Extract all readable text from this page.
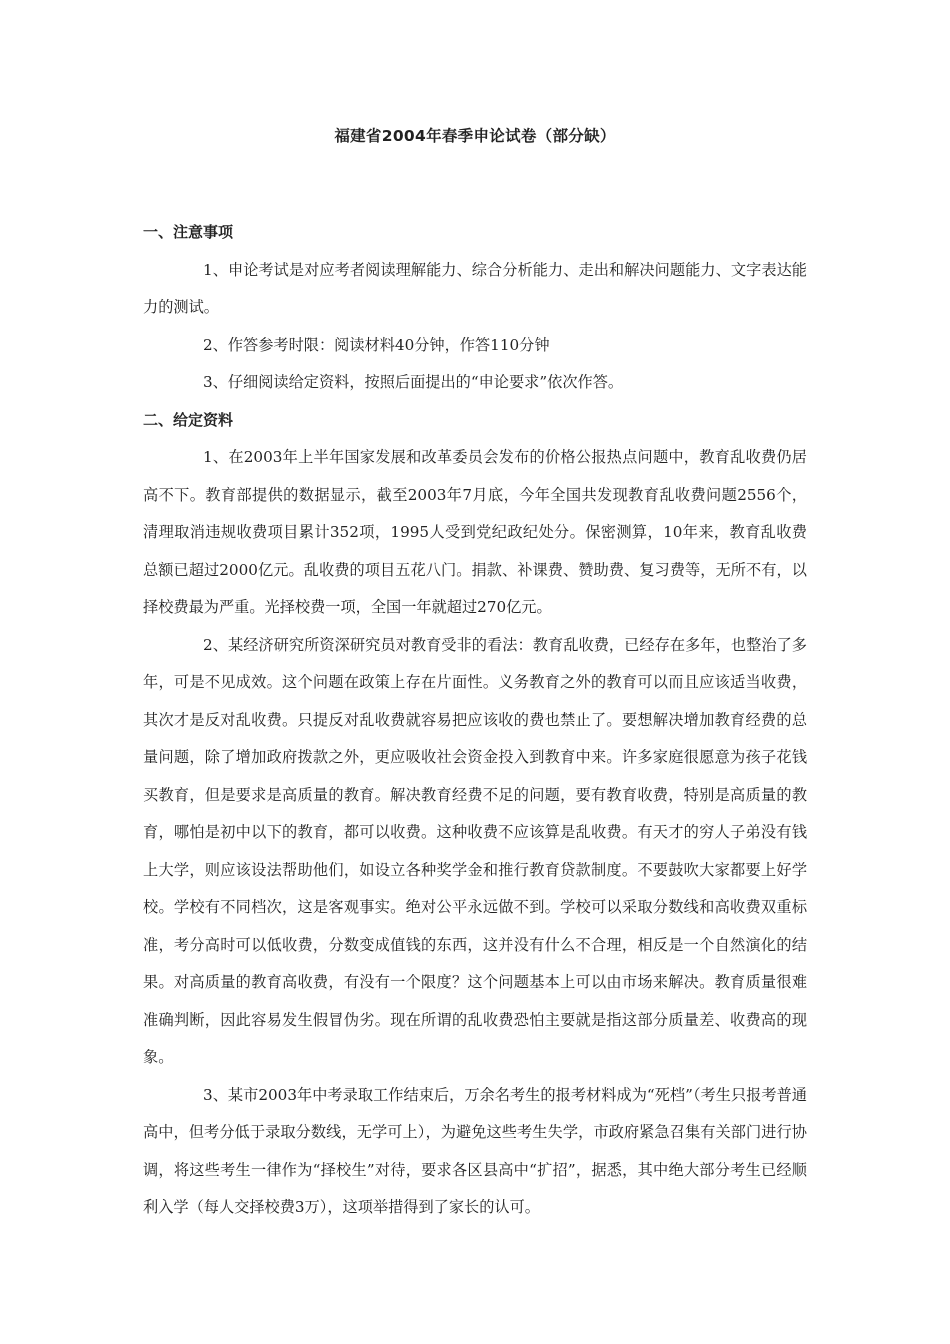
福建省2004年春季申论试卷（部分缺）

一、注意事项

1、申论考试是对应考者阅读理解能力、综合分析能力、走出和解决问题能力、文字表达能力的测试。

2、作答参考时限：阅读材料40分钟，作答110分钟

3、仔细阅读给定资料，按照后面提出的“申论要求”依次作答。

二、给定资料

1、在2003年上半年国家发展和改革委员会发布的价格公报热点问题中，教育乱收费仍居高不下。教育部提供的数据显示，截至2003年7月底，今年全国共发现教育乱收费问题2556个，清理取消违规收费项目累计352项，1995人受到党纪政纪处分。保密测算，10年来，教育乱收费总额已超过2000亿元。乱收费的项目五花八门。捐款、补课费、赞助费、复习费等，无所不有，以择校费最为严重。光择校费一项，全国一年就超过270亿元。

2、某经济研究所资深研究员对教育受非的看法：教育乱收费，已经存在多年，也整治了多年，可是不见成效。这个问题在政策上存在片面性。义务教育之外的教育可以而且应该适当收费，其次才是反对乱收费。只提反对乱收费就容易把应该收的费也禁止了。要想解决增加教育经费的总量问题，除了增加政府拨款之外，更应吸收社会资金投入到教育中来。许多家庭很愿意为孩子花钱买教育，但是要求是高质量的教育。解决教育经费不足的问题，要有教育收费，特别是高质量的教育，哪怕是初中以下的教育，都可以收费。这种收费不应该算是乱收费。有天才的穷人子弟没有钱上大学，则应该设法帮助他们，如设立各种奖学金和推行教育贷款制度。不要鼓吹大家都要上好学校。学校有不同档次，这是客观事实。绝对公平永远做不到。学校可以采取分数线和高收费双重标准，考分高时可以低收费，分数变成值钱的东西，这并没有什么不合理，相反是一个自然演化的结果。对高质量的教育高收费，有没有一个限度？这个问题基本上可以由市场来解决。教育质量很难准确判断，因此容易发生假冒伪劣。现在所谓的乱收费恐怕主要就是指这部分质量差、收费高的现象。

3、某市2003年中考录取工作结束后，万余名考生的报考材料成为“死档”（考生只报考普通高中，但考分低于录取分数线，无学可上），为避免这些考生失学，市政府紧急召集有关部门进行协调，将这些考生一律作为“择校生”对待，要求各区县高中“扩招”，据悉，其中绝大部分考生已经顺利入学（每人交择校费3万），这项举措得到了家长的认可。
